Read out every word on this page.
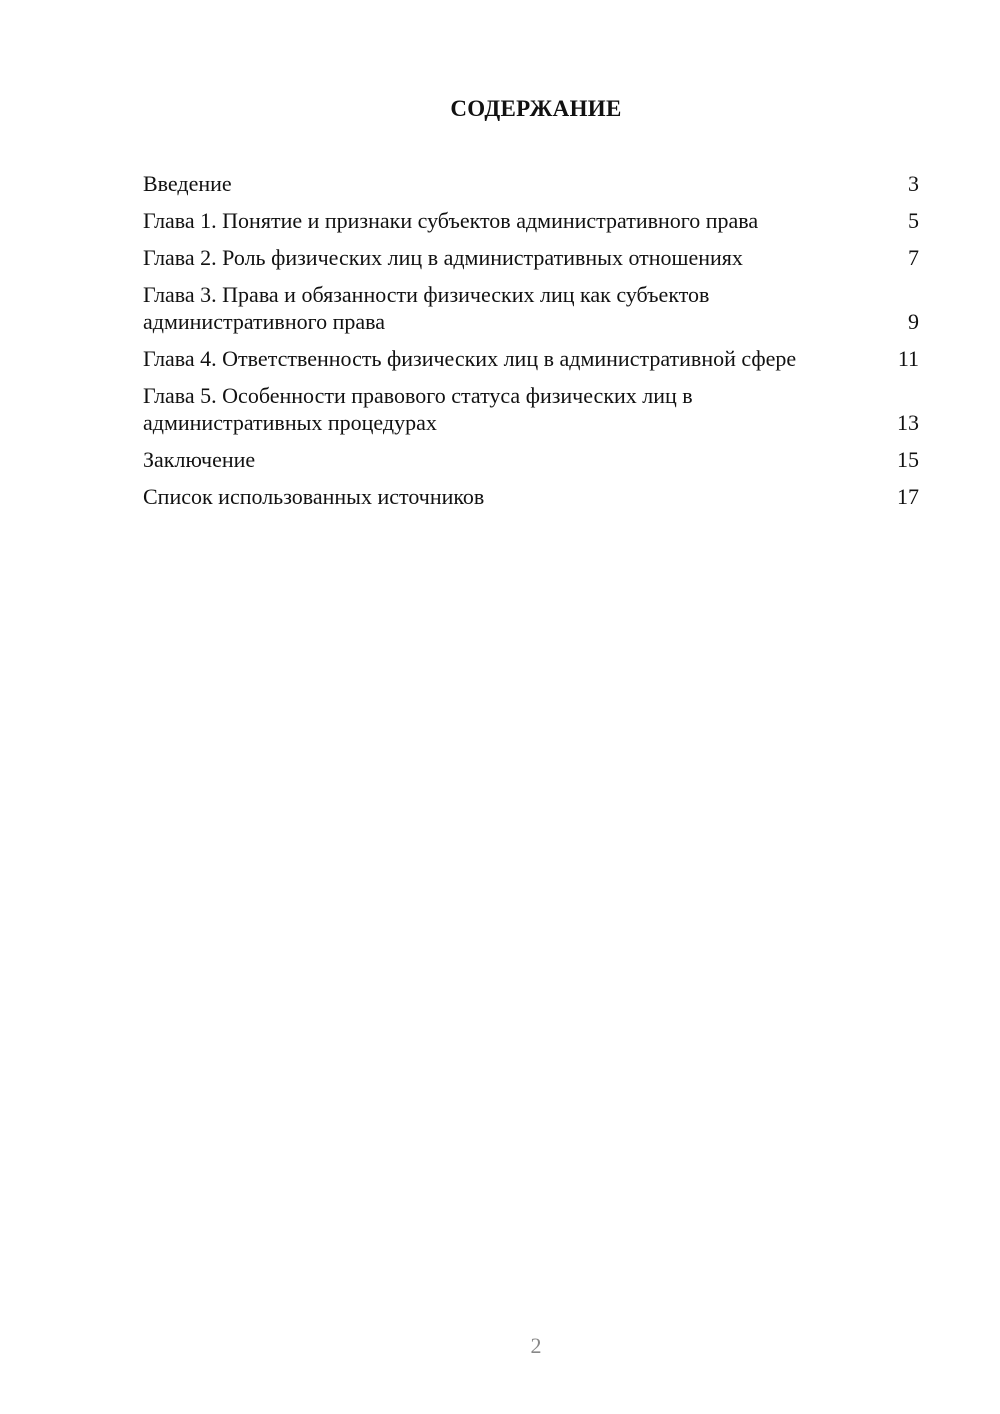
СОДЕРЖАНИЕ
Введение	3
Глава 1. Понятие и признаки субъектов административного права	5
Глава 2. Роль физических лиц в административных отношениях	7
Глава 3. Права и обязанности физических лиц как субъектов административного права	9
Глава 4. Ответственность физических лиц в административной сфере	11
Глава 5. Особенности правового статуса физических лиц в административных процедурах	13
Заключение	15
Список использованных источников	17
2
